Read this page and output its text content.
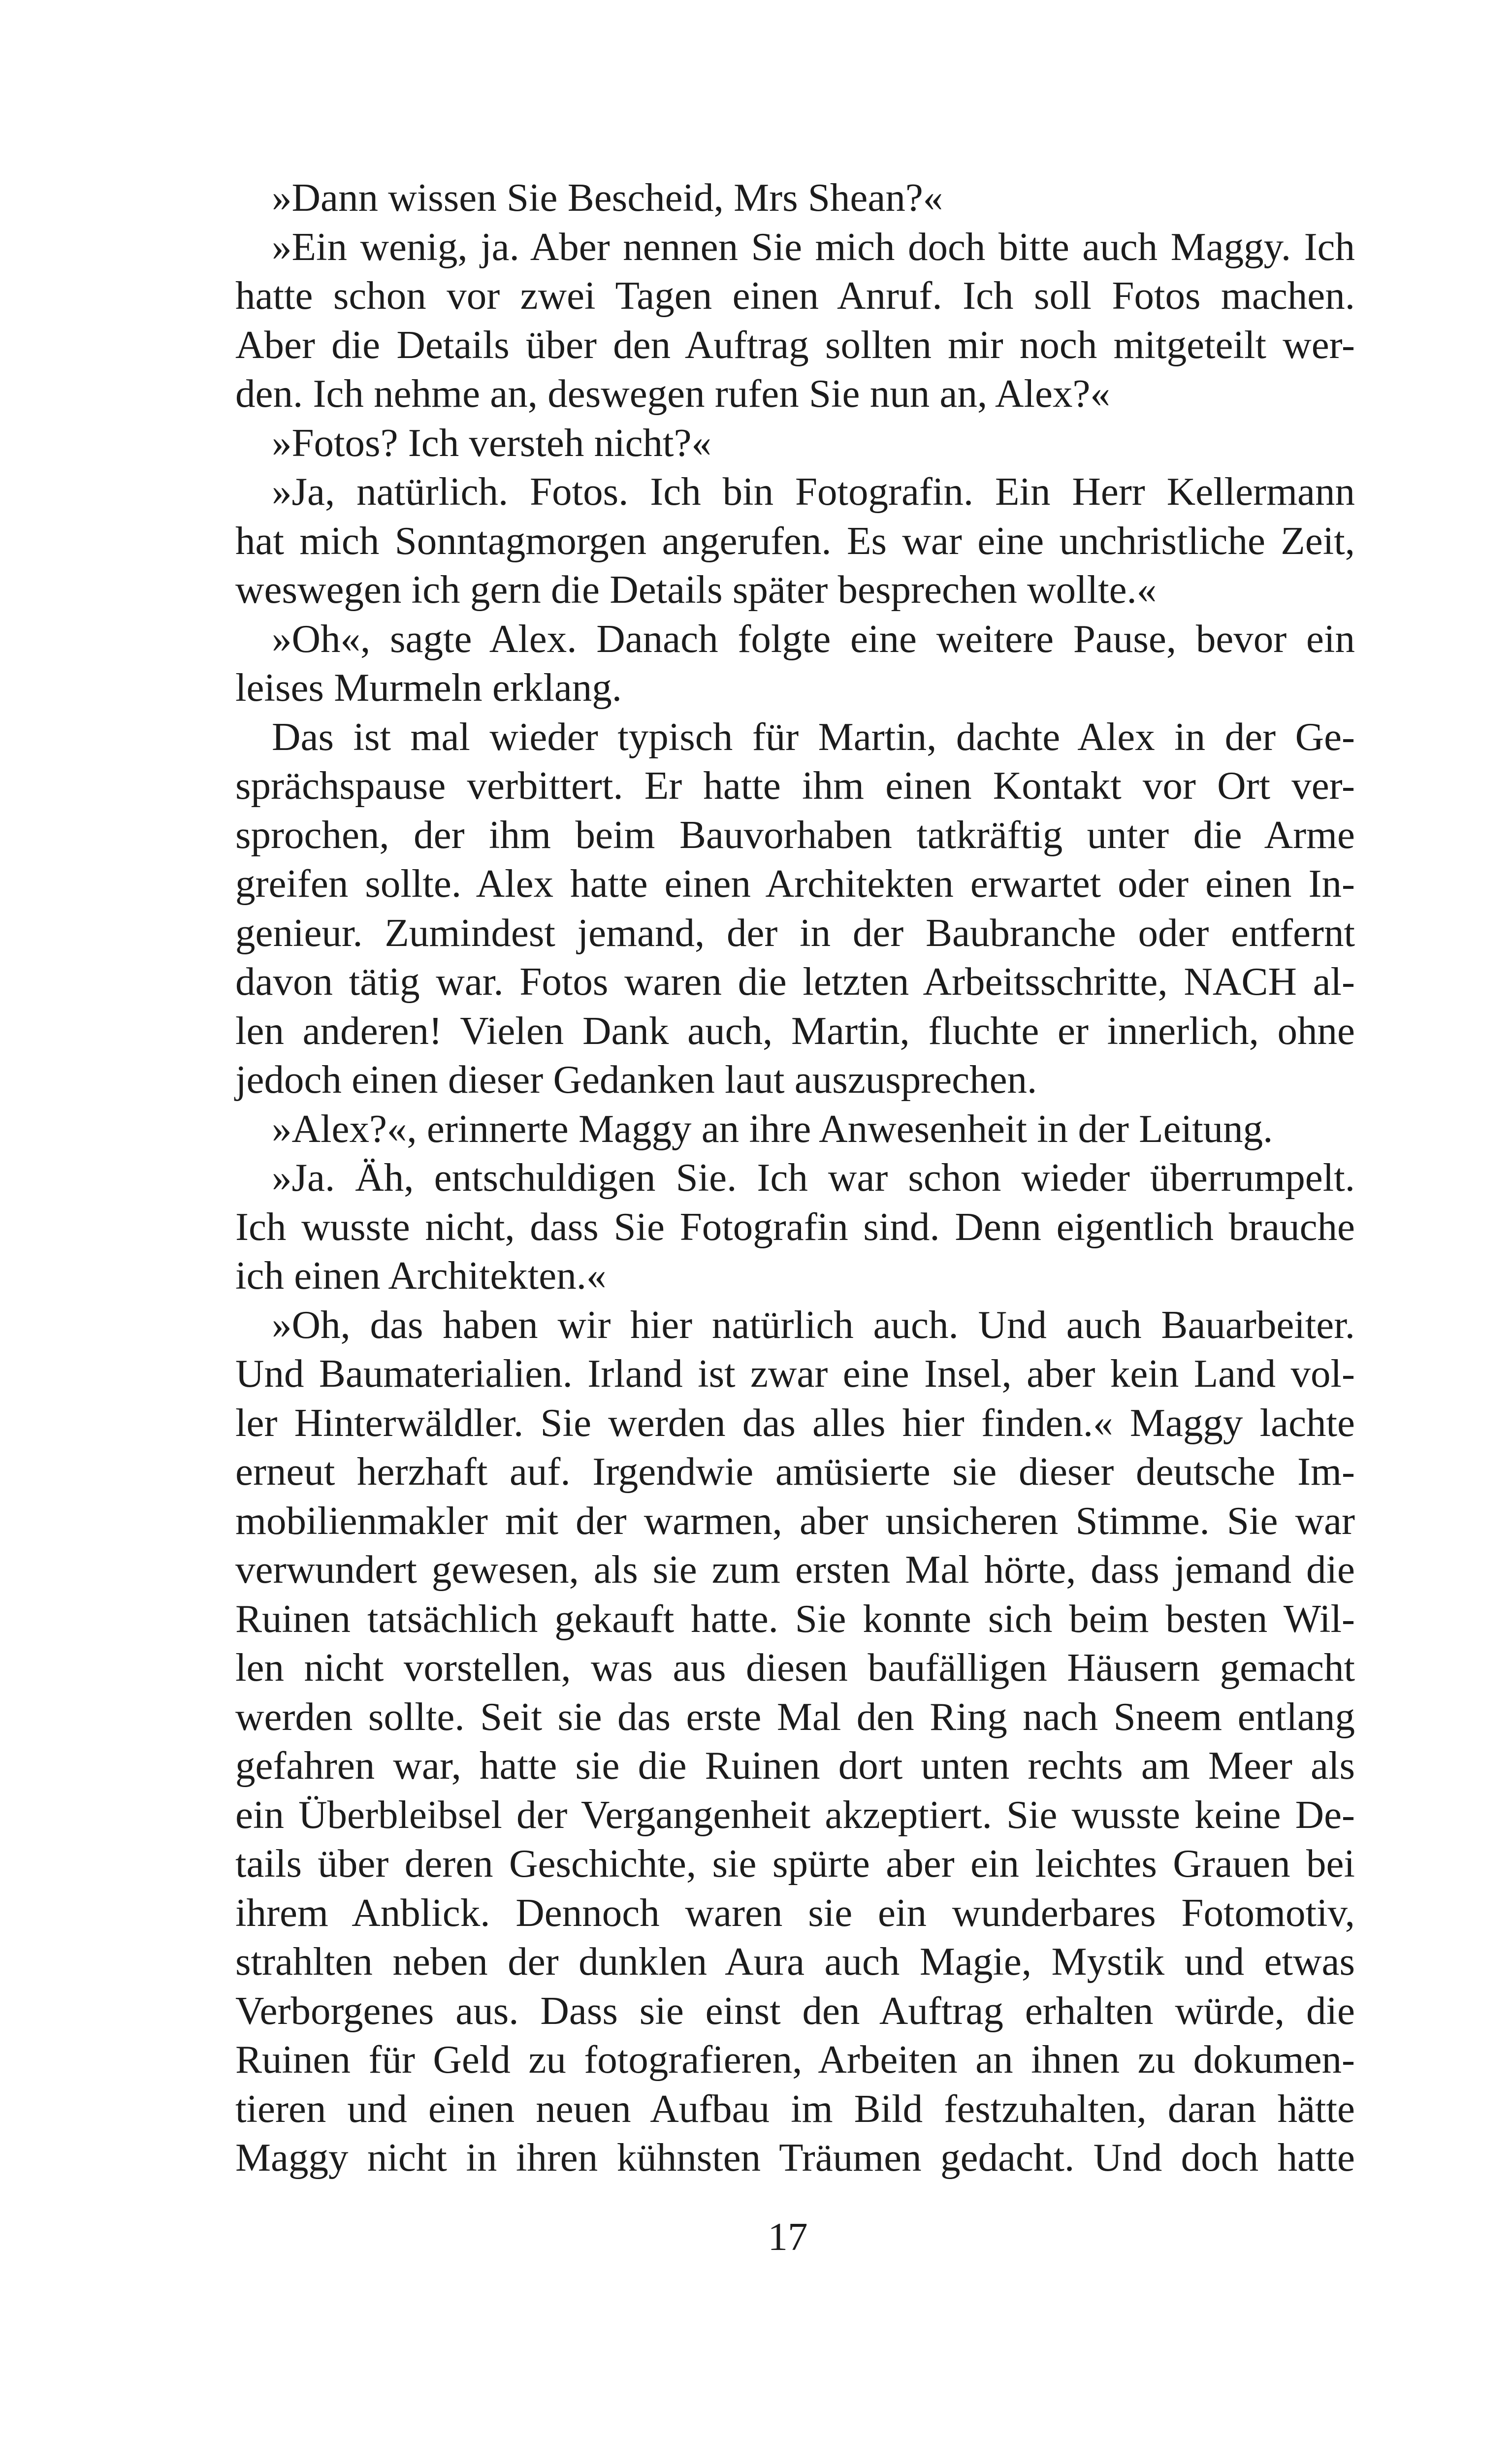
»Dann wissen Sie Bescheid, Mrs Shean?«
»Ein wenig, ja. Aber nennen Sie mich doch bitte auch Maggy. Ich
hatte schon vor zwei Tagen einen Anruf. Ich soll Fotos machen.
Aber die Details über den Auftrag sollten mir noch mitgeteilt wer-
den. Ich nehme an, deswegen rufen Sie nun an, Alex?«
»Fotos? Ich versteh nicht?«
»Ja, natürlich. Fotos. Ich bin Fotografin. Ein Herr Kellermann
hat mich Sonntagmorgen angerufen. Es war eine unchristliche Zeit,
weswegen ich gern die Details später besprechen wollte.«
»Oh«, sagte Alex. Danach folgte eine weitere Pause, bevor ein
leises Murmeln erklang.
Das ist mal wieder typisch für Martin, dachte Alex in der Ge-
sprächspause verbittert. Er hatte ihm einen Kontakt vor Ort ver-
sprochen, der ihm beim Bauvorhaben tatkräftig unter die Arme
greifen sollte. Alex hatte einen Architekten erwartet oder einen In-
genieur. Zumindest jemand, der in der Baubranche oder entfernt
davon tätig war. Fotos waren die letzten Arbeitsschritte, NACH al-
len anderen! Vielen Dank auch, Martin, fluchte er innerlich, ohne
jedoch einen dieser Gedanken laut auszusprechen.
»Alex?«, erinnerte Maggy an ihre Anwesenheit in der Leitung.
»Ja. Äh, entschuldigen Sie. Ich war schon wieder überrumpelt.
Ich wusste nicht, dass Sie Fotografin sind. Denn eigentlich brauche
ich einen Architekten.«
»Oh, das haben wir hier natürlich auch. Und auch Bauarbeiter.
Und Baumaterialien. Irland ist zwar eine Insel, aber kein Land vol-
ler Hinterwäldler. Sie werden das alles hier finden.« Maggy lachte
erneut herzhaft auf. Irgendwie amüsierte sie dieser deutsche Im-
mobilienmakler mit der warmen, aber unsicheren Stimme. Sie war
verwundert gewesen, als sie zum ersten Mal hörte, dass jemand die
Ruinen tatsächlich gekauft hatte. Sie konnte sich beim besten Wil-
len nicht vorstellen, was aus diesen baufälligen Häusern gemacht
werden sollte. Seit sie das erste Mal den Ring nach Sneem entlang
gefahren war, hatte sie die Ruinen dort unten rechts am Meer als
ein Überbleibsel der Vergangenheit akzeptiert. Sie wusste keine De-
tails über deren Geschichte, sie spürte aber ein leichtes Grauen bei
ihrem Anblick. Dennoch waren sie ein wunderbares Fotomotiv,
strahlten neben der dunklen Aura auch Magie, Mystik und etwas
Verborgenes aus. Dass sie einst den Auftrag erhalten würde, die
Ruinen für Geld zu fotografieren, Arbeiten an ihnen zu dokumen-
tieren und einen neuen Aufbau im Bild festzuhalten, daran hätte
Maggy nicht in ihren kühnsten Träumen gedacht. Und doch hatte
17
